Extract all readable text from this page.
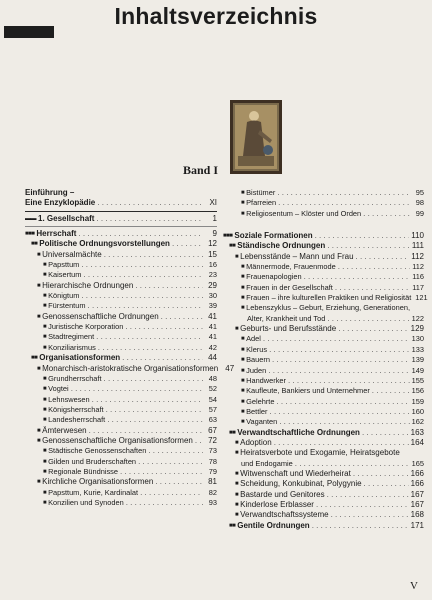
Inhaltsverzeichnis
Band I
Einführung –
Eine Enzyklopädie . . .	XI
▬▬ 1. Gesellschaft . . .	1
■■■ Herrschaft . . .	9
■■ Politische Ordnungsvorstellungen . . .	12
■ Universalmächte . . .	15
■ Papsttum . . .	16
■ Kaisertum . . .	23
■ Hierarchische Ordnungen . . .	29
■ Königtum . . .	30
■ Fürstentum . . .	39
■ Genossenschaftliche Ordnungen . . .	41
■ Juristische Korporation . . .	41
■ Stadtregiment . . .	41
■ Konziliarismus . . .	42
■■ Organisationsformen . . .	44
■ Monarchisch-aristokratische Organisationsformen 47
■ Grundherrschaft . . .	48
■ Vogtei . . .	52
■ Lehnswesen . . .	54
■ Königsherrschaft . . .	57
■ Landesherrschaft . . .	63
■ Ämterwesen . . .	67
■ Genossenschaftliche Organisationsformen . . .	72
■ Städtische Genossenschaften . . .	73
■ Gilden und Bruderschaften . . .	78
■ Regionale Bündnisse . . .	79
■ Kirchliche Organisationsformen . . .	81
■ Papsttum, Kurie, Kardinalat . . .	82
■ Konzilien und Synoden . . .	93
■ Bistümer . . .	95
■ Pfarreien . . .	98
■ Religiosentum – Klöster und Orden . . .	99
■■■ Soziale Formationen . . .	110
■■ Ständische Ordnungen . . .	111
■ Lebensstände – Mann und Frau . . .	112
■ Männermode, Frauenmode . . .	112
■ Frauenapologien . . .	116
■ Frauen in der Gesellschaft . . .	117
■ Frauen – ihre kulturellen Praktiken und Religiosität 121
■ Lebenszyklus – Geburt, Erziehung, Generationen,
Alter, Krankheit und Tod . . .	122
■ Geburts- und Berufsstände . . .	129
■ Adel . . .	130
■ Klerus . . .	133
■ Bauern . . .	139
■ Juden . . .	149
■ Handwerker . . .	155
■ Kaufleute, Bankiers und Unternehmer . . .	156
■ Gelehrte . . .	159
■ Bettler . . .	160
■ Vaganten . . .	162
■■ Verwandtschaftliche Ordnungen . . .	163
■ Adoption . . .	164
■ Heiratsverbote und Exogamie, Heiratsgebote
und Endogamie . . .	165
■ Witwenschaft und Wiederheirat . . .	166
■ Scheidung, Konkubinat, Polygynie . . .	166
■ Bastarde und Genitores . . .	167
■ Kinderlose Erblasser . . .	167
■ Verwandtschaftssysteme . . .	168
■■ Gentile Ordnungen . . .	171
V
